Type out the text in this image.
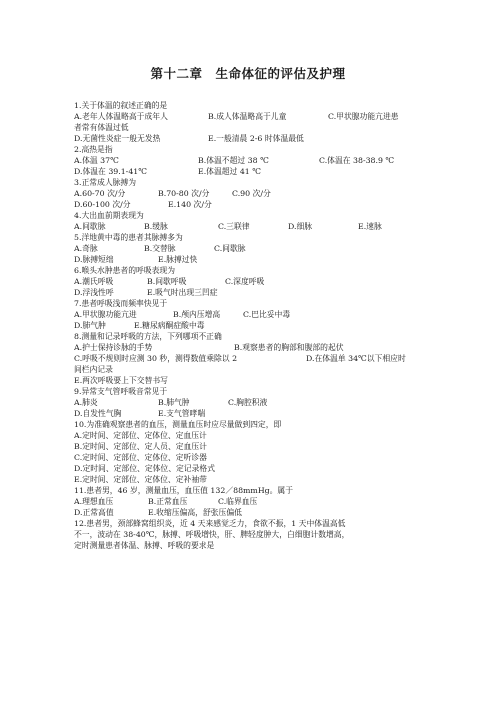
第十二章　生命体征的评估及护理
1.关于体温的叙述正确的是
A.老年人体温略高于成年人	B.成人体温略高于儿童	C.甲状腺功能亢进患
者常有体温过低
D.无菌性炎症一般无发热	E.一般清晨 2-6 时体温最低
2.高热是指
A.体温 37℃	B.体温不超过 38 ℃	C.体温在 38-38.9 ℃
D.体温在 39.1-41℃	E.体温超过 41 ℃
3.正常成人脉搏为
A.60-70 次/分	B.70-80 次/分	C.90 次/分
D.60-100 次/分	E.140 次/分
4.大出血前期表现为
A.间歇脉	B.缓脉	C.三联律	D.细脉	E.速脉
5.洋地黄中毒的患者其脉搏多为
A.奇脉	B.交替脉	C.间歇脉
D.脉搏短绌	E.脉搏过快
6.喉头水肿患者的呼吸表现为
A.潮氏呼吸	B.间歇呼吸	C.深度呼吸
D.浮浅性呼	E.吸气时出现三凹症
7.患者呼吸浅而频率快见于
A.甲状腺功能亢进	B.颅内压增高	C.巴比妥中毒
D.肺气肿	E.糖尿病酮症酸中毒
8.测量和记录呼吸的方法，下列哪项不正确
A.护士保持诊脉的手势	B.观察患者的胸部和腹部的起伏
C.呼吸不规则时应测 30 秒，测得数值乘除以 2	D.在体温单 34℃以下相应时
间栏内记录
E.两次呼吸要上下交替书写
9.异常支气管呼吸音常见于
A.肺炎	B.肺气肿	C.胸腔积液
D.自发性气胸	E.支气管哮喘
10.为准确观察患者的血压，测量血压时应尽量做到四定，即
A.定时间、定部位、定体位、定血压计
B.定时间、定部位、定人员、定血压计
C.定时间、定部位、定体位、定听诊器
D.定时间、定部位、定体位、定记录格式
E.定时间、定部位、定体位、定补袖带
11.患者男，46 岁，测量血压，血压值 132／88mmHg。属于
A.理想血压	B.正常血压	C.临界血压
D.正常高值	E.收缩压偏高，舒张压偏低
12.患者男，颈部蜂窝组织炎，近 4 天来感觉乏力，食欲不振，1 天中体温高低
不一，波动在 38-40℃，脉搏、呼吸增快，肝、脾轻度肿大，白细胞计数增高，
定时测量患者体温、脉搏、呼吸的要求是
